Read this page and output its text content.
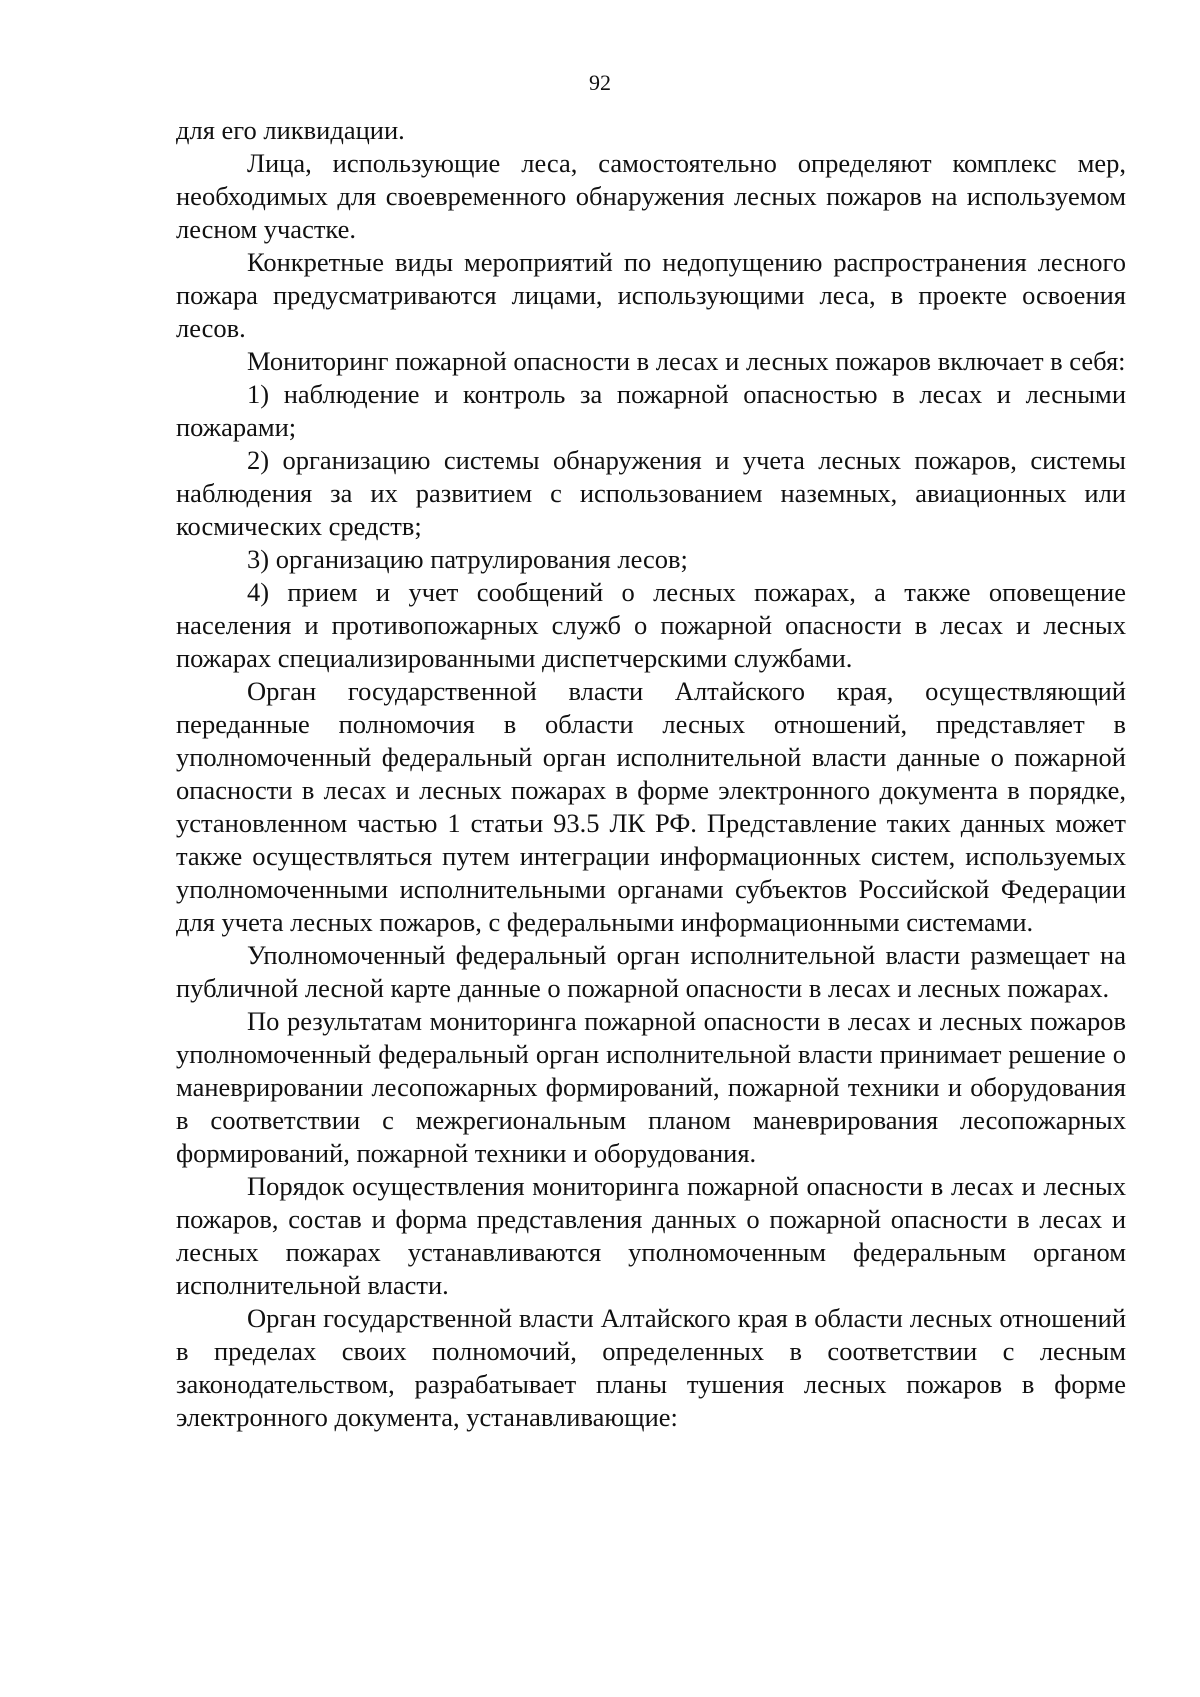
92

для его ликвидации.

Лица, использующие леса, самостоятельно определяют комплекс мер, необходимых для своевременного обнаружения лесных пожаров на используемом лесном участке.

Конкретные виды мероприятий по недопущению распространения лесного пожара предусматриваются лицами, использующими леса, в проекте освоения лесов.

Мониторинг пожарной опасности в лесах и лесных пожаров включает в себя:

1) наблюдение и контроль за пожарной опасностью в лесах и лесными пожарами;

2) организацию системы обнаружения и учета лесных пожаров, системы наблюдения за их развитием с использованием наземных, авиационных или космических средств;

3) организацию патрулирования лесов;

4) прием и учет сообщений о лесных пожарах, а также оповещение населения и противопожарных служб о пожарной опасности в лесах и лесных пожарах специализированными диспетчерскими службами.

Орган государственной власти Алтайского края, осуществляющий переданные полномочия в области лесных отношений, представляет в уполномоченный федеральный орган исполнительной власти данные о пожарной опасности в лесах и лесных пожарах в форме электронного документа в порядке, установленном частью 1 статьи 93.5 ЛК РФ. Представление таких данных может также осуществляться путем интеграции информационных систем, используемых уполномоченными исполнительными органами субъектов Российской Федерации для учета лесных пожаров, с федеральными информационными системами.

Уполномоченный федеральный орган исполнительной власти размещает на публичной лесной карте данные о пожарной опасности в лесах и лесных пожарах.

По результатам мониторинга пожарной опасности в лесах и лесных пожаров уполномоченный федеральный орган исполнительной власти принимает решение о маневрировании лесопожарных формирований, пожарной техники и оборудования в соответствии с межрегиональным планом маневрирования лесопожарных формирований, пожарной техники и оборудования.

Порядок осуществления мониторинга пожарной опасности в лесах и лесных пожаров, состав и форма представления данных о пожарной опасности в лесах и лесных пожарах устанавливаются уполномоченным федеральным органом исполнительной власти.

Орган государственной власти Алтайского края в области лесных отношений в пределах своих полномочий, определенных в соответствии с лесным законодательством, разрабатывает планы тушения лесных пожаров в форме электронного документа, устанавливающие:
